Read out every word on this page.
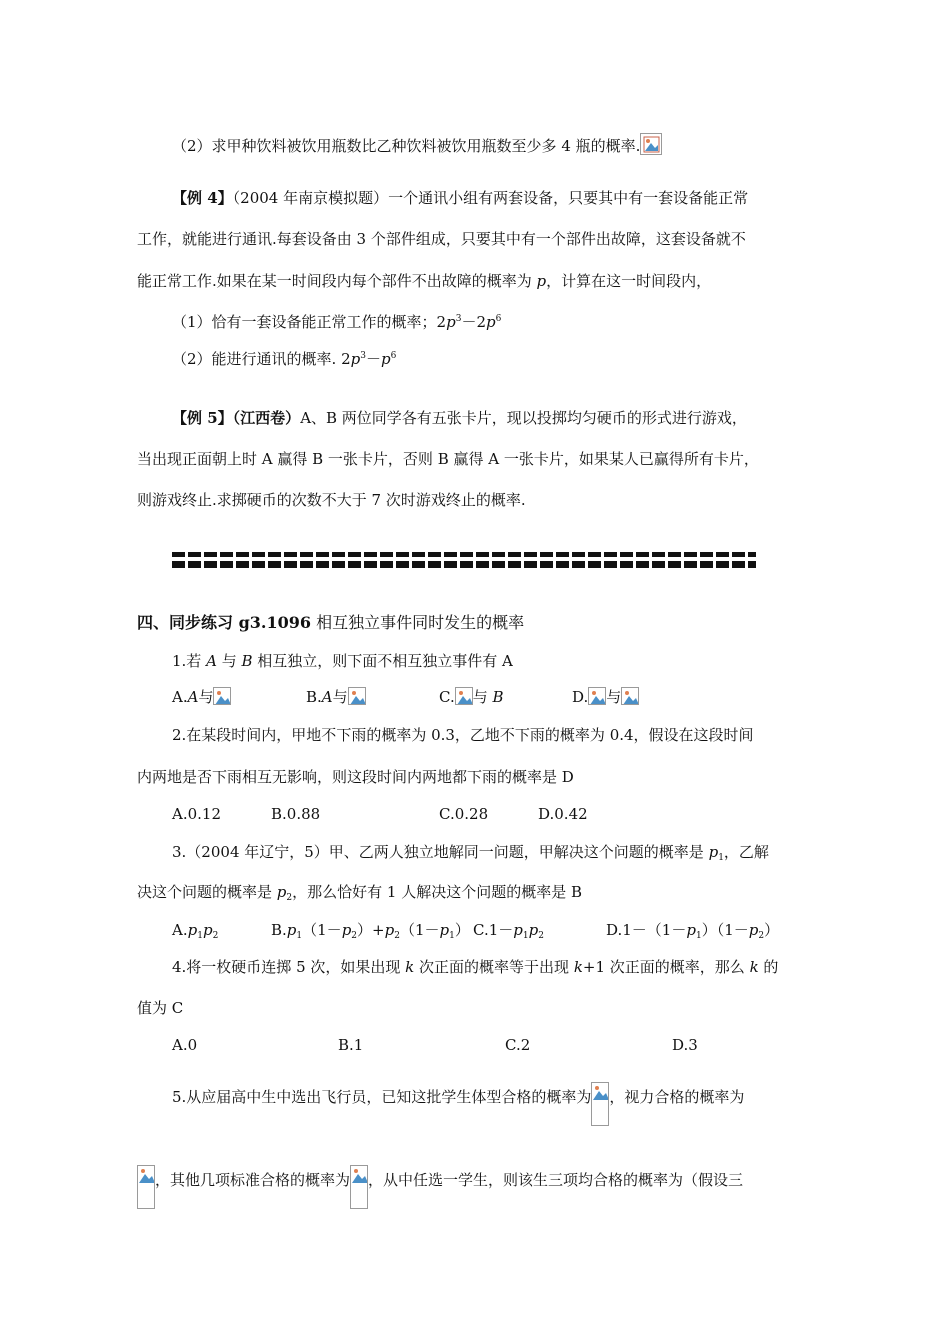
（2）求甲种饮料被饮用瓶数比乙种饮料被饮用瓶数至少多 4 瓶的概率.
【例 4】（2004 年南京模拟题）一个通讯小组有两套设备，只要其中有一套设备能正常
工作，就能进行通讯.每套设备由 3 个部件组成，只要其中有一个部件出故障，这套设备就不
能正常工作.如果在某一时间段内每个部件不出故障的概率为 p，计算在这一时间段内，
（1）恰有一套设备能正常工作的概率；$2p^3-2p^6$
（2）能进行通讯的概率. $2p^3-p^6$
【例 5】（江西卷）A、B 两位同学各有五张卡片，现以投掷均匀硬币的形式进行游戏，
当出现正面朝上时 A 赢得 B 一张卡片，否则 B 赢得 A 一张卡片，如果某人已赢得所有卡片，
则游戏终止.求掷硬币的次数不大于 7 次时游戏终止的概率.
四、同步练习 g3.1096 相互独立事件同时发生的概率
1.若 A 与 B 相互独立，则下面不相互独立事件有 A
A.A与	B.A与	C. 与 B	D. 与
2.在某段时间内，甲地不下雨的概率为 0.3，乙地不下雨的概率为 0.4，假设在这段时间
内两地是否下雨相互无影响，则这段时间内两地都下雨的概率是 D
A.0.12	B.0.88	C.0.28	D.0.42
3.（2004 年辽宁，5）甲、乙两人独立地解同一问题，甲解决这个问题的概率是 $p_1$，乙解
决这个问题的概率是 $p_2$，那么恰好有 1 人解决这个问题的概率是 B
$A.p_1p_2$	$B.p_1(1-p_2)+p_2(1-p_1)$ $C.1-p_1p_2$	$D.1-(1-p_1)(1-p_2)$
4.将一枚硬币连掷 5 次，如果出现 k 次正面的概率等于出现 k+1 次正面的概率，那么 k 的
值为 C
A.0	B.1	C.2	D.3
5.从应届高中生中选出飞行员，已知这批学生体型合格的概率为 ，视力合格的概率为
，其他几项标准合格的概率为 ，从中任选一学生，则该生三项均合格的概率为（假设三
